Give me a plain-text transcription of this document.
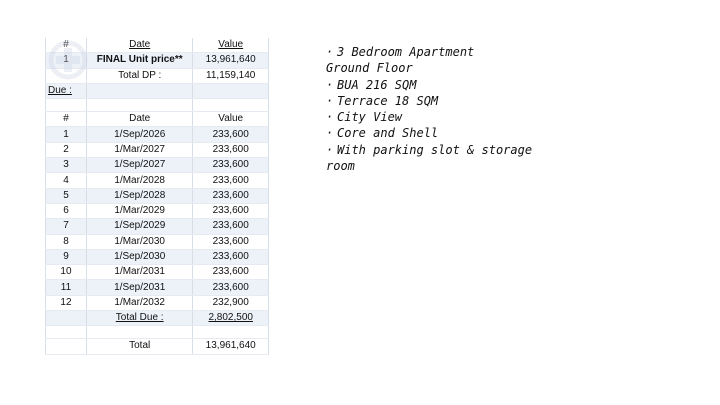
#	Date	Value
1	FINAL Unit price**	13,961,640
	Total DP :	11,159,140
Due :		

#	Date	Value
1	1/Sep/2026	233,600
2	1/Mar/2027	233,600
3	1/Sep/2027	233,600
4	1/Mar/2028	233,600
5	1/Sep/2028	233,600
6	1/Mar/2029	233,600
7	1/Sep/2029	233,600
8	1/Mar/2030	233,600
9	1/Sep/2030	233,600
10	1/Mar/2031	233,600
11	1/Sep/2031	233,600
12	1/Mar/2032	232,900
	Total Due :	2,802,500

	Total	13,961,640
· 3 Bedroom Apartment
Ground Floor
· BUA 216 SQM
· Terrace 18 SQM
· City View
· Core and Shell
· With parking slot & storage
room
